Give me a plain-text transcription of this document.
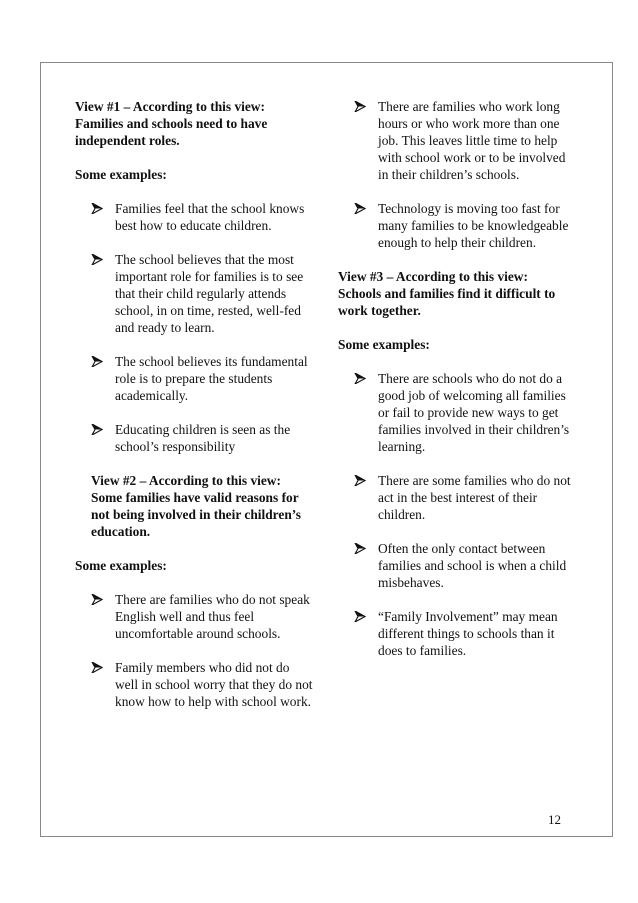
View #1 – According to this view: Families and schools need to have independent roles.

Some examples:

Families feel that the school knows best how to educate children.
The school believes that the most important role for families is to see that their child regularly attends school, in on time, rested, well-fed and ready to learn.
The school believes its fundamental role is to prepare the students academically.
Educating children is seen as the school’s responsibility

View #2 – According to this view: Some families have valid reasons for not being involved in their children’s education.

Some examples:

There are families who do not speak English well and thus feel uncomfortable around schools.
Family members who did not do well in school worry that they do not know how to help with school work.
There are families who work long hours or who work more than one job. This leaves little time to help with school work or to be involved in their children’s schools.
Technology is moving too fast for many families to be knowledgeable enough to help their children.

View #3 – According to this view: Schools and families find it difficult to work together.

Some examples:

There are schools who do not do a good job of welcoming all families or fail to provide new ways to get families involved in their children’s learning.
There are some families who do not act in the best interest of their children.
Often the only contact between families and school is when a child misbehaves.
“Family Involvement” may mean different things to schools than it does to families.
12
